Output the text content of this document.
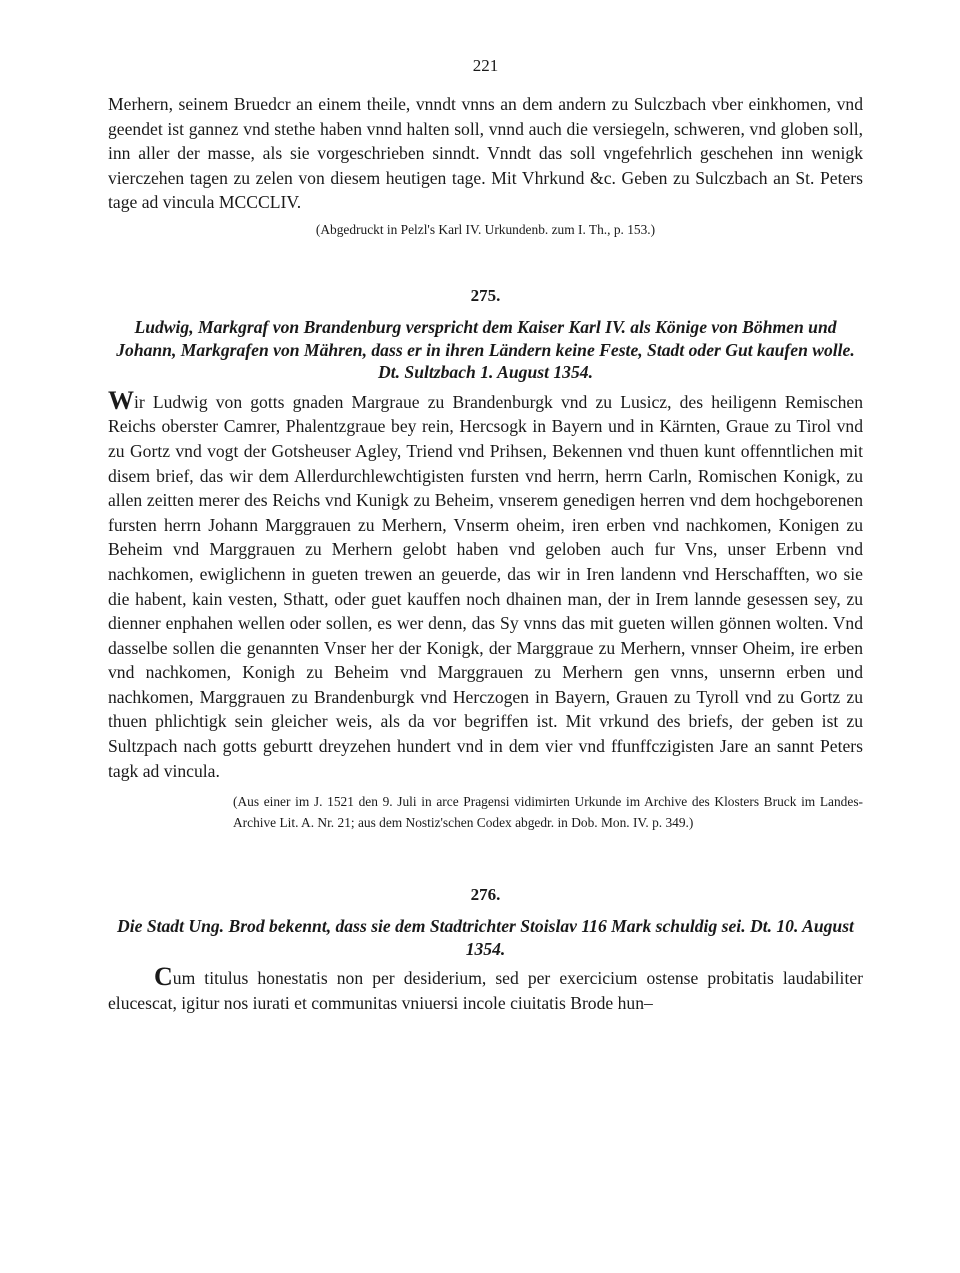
221

Merhern, seinem Bruedcr an einem theile, vnndt vnns an dem andern zu Sulczbach vber einkhomen, vnd geendet ist gannez vnd stethe haben vnnd halten soll, vnnd auch die versiegeln, schweren, vnd globen soll, inn aller der masse, als sie vorgeschrieben sinndt. Vnndt das soll vngefehrlich geschehen inn wenigk vierczehen tagen zu zelen von diesem heutigen tage. Mit Vhrkund &c. Geben zu Sulczbach an St. Peters tage ad vincula MCCCLIV.

(Abgedruckt in Pelzl's Karl IV. Urkundenb. zum I. Th., p. 153.)

275.

Ludwig, Markgraf von Brandenburg verspricht dem Kaiser Karl IV. als Könige von Böhmen und Johann, Markgrafen von Mähren, dass er in ihren Ländern keine Feste, Stadt oder Gut kaufen wolle. Dt. Sultzbach 1. August 1354.

Wir Ludwig von gotts gnaden Margraue zu Brandenburgk vnd zu Lusicz, des heiligenn Remischen Reichs oberster Camrer, Phalentzgraue bey rein, Hercsogk in Bayern und in Kärnten, Graue zu Tirol vnd zu Gortz vnd vogt der Gotsheuser Agley, Triend vnd Prihsen, Bekennen vnd thuen kunt offenntlichen mit disem brief, das wir dem Allerdurchlewchtigisten fursten vnd herrn, herrn Carln, Romischen Konigk, zu allen zeitten merer des Reichs vnd Kunigk zu Beheim, vnserem genedigen herren vnd dem hochgeborenen fursten herrn Johann Marggrauen zu Merhern, Vnserm oheim, iren erben vnd nachkomen, Konigen zu Beheim vnd Marggrauen zu Merhern gelobt haben vnd geloben auch fur Vns, unser Erbenn vnd nachkomen, ewiglichenn in gueten trewen an geuerde, das wir in Iren landenn vnd Herschafften, wo sie die habent, kain vesten, Sthatt, oder guet kauffen noch dhainen man, der in Irem lannde gesessen sey, zu dienner enphahen wellen oder sollen, es wer denn, das Sy vnns das mit gueten willen gönnen wolten. Vnd dasselbe sollen die genannten Vnser her der Konigk, der Marggraue zu Merhern, vnnser Oheim, ire erben vnd nachkomen, Konigh zu Beheim vnd Marggrauen zu Merhern gen vnns, unsernn erben und nachkomen, Marggrauen zu Brandenburgk vnd Herczogen in Bayern, Grauen zu Tyroll vnd zu Gortz zu thuen phlichtigk sein gleicher weis, als da vor begriffen ist. Mit vrkund des briefs, der geben ist zu Sultzpach nach gotts geburtt dreyzehen hundert vnd in dem vier vnd ffunffczigisten Jare an sannt Peters tagk ad vincula.

(Aus einer im J. 1521 den 9. Juli in arce Pragensi vidimirten Urkunde im Archive des Klosters Bruck im Landes-Archive Lit. A. Nr. 21; aus dem Nostiz'schen Codex abgedr. in Dob. Mon. IV. p. 349.)

276.

Die Stadt Ung. Brod bekennt, dass sie dem Stadtrichter Stoislav 116 Mark schuldig sei. Dt. 10. August 1354.

Cum titulus honestatis non per desiderium, sed per exercicium ostense probitatis laudabiliter elucescat, igitur nos iurati et communitas vniuersi incole ciuitatis Brode hun–
